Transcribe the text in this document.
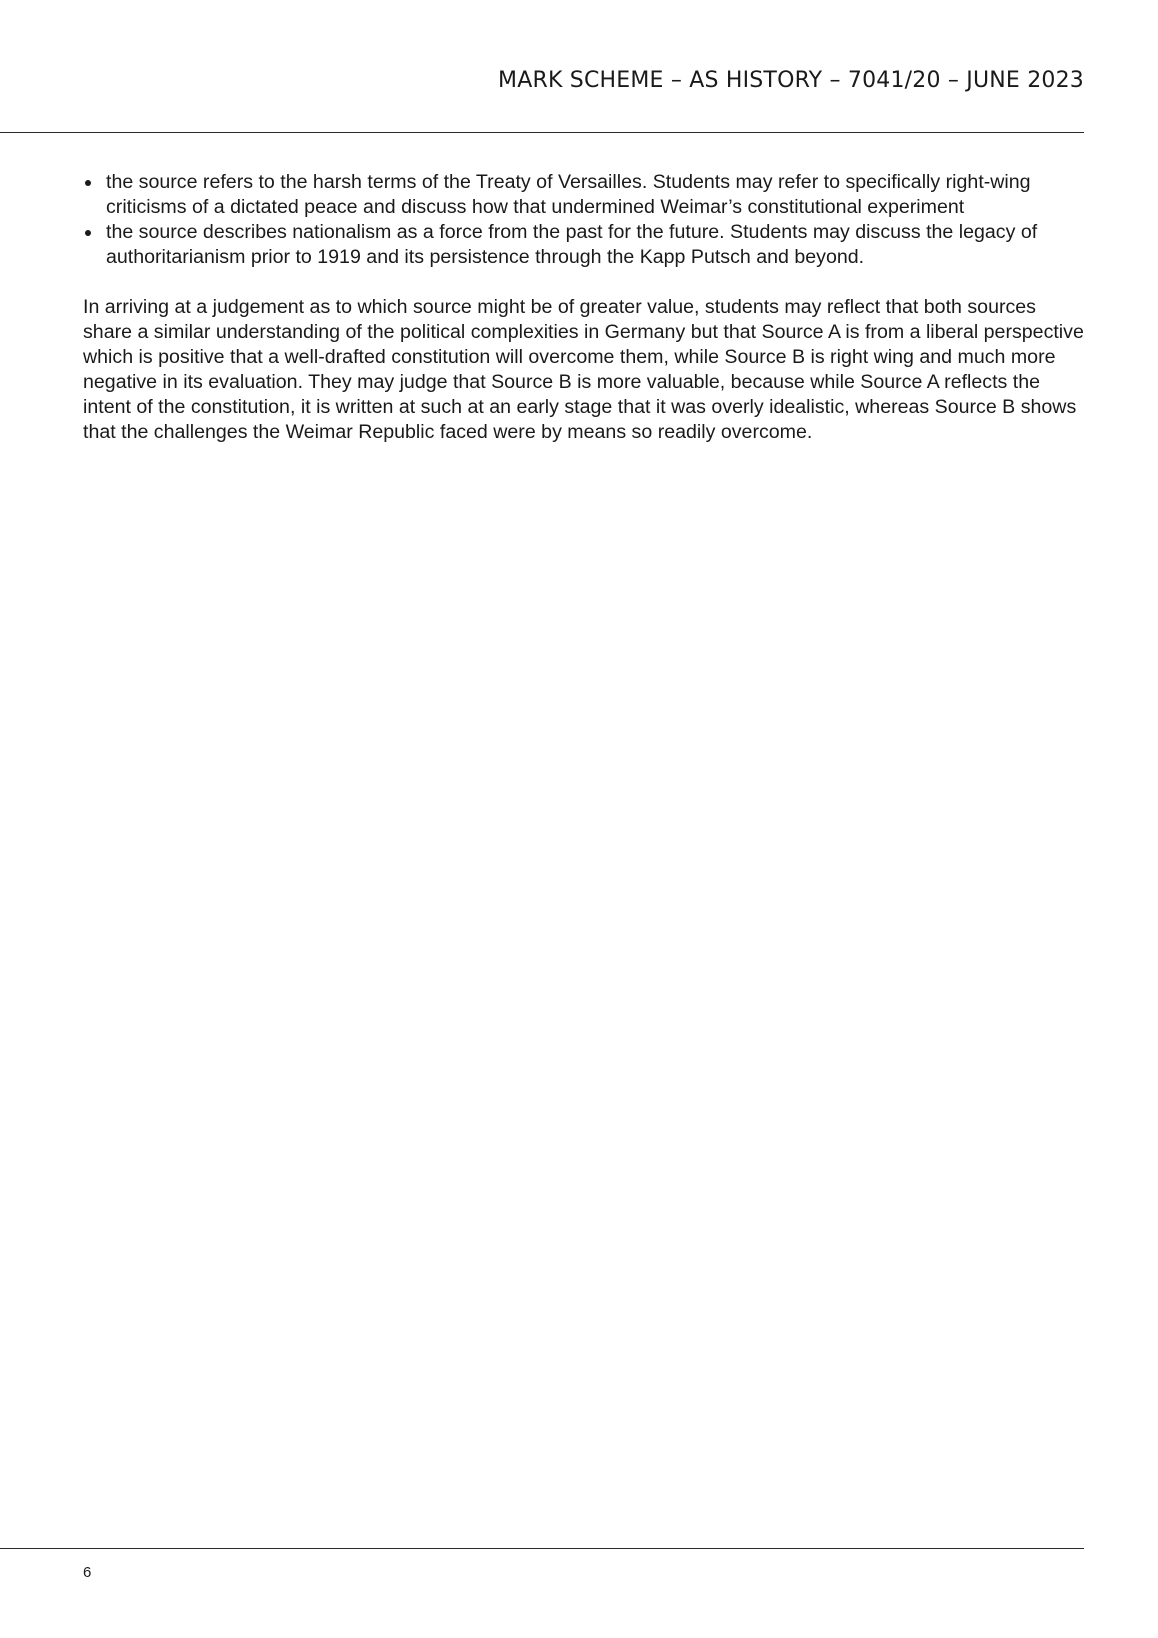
MARK SCHEME – AS HISTORY – 7041/20 – JUNE 2023
the source refers to the harsh terms of the Treaty of Versailles. Students may refer to specifically right-wing criticisms of a dictated peace and discuss how that undermined Weimar’s constitutional experiment
the source describes nationalism as a force from the past for the future. Students may discuss the legacy of authoritarianism prior to 1919 and its persistence through the Kapp Putsch and beyond.

In arriving at a judgement as to which source might be of greater value, students may reflect that both sources share a similar understanding of the political complexities in Germany but that Source A is from a liberal perspective which is positive that a well-drafted constitution will overcome them, while Source B is right wing and much more negative in its evaluation. They may judge that Source B is more valuable, because while Source A reflects the intent of the constitution, it is written at such at an early stage that it was overly idealistic, whereas Source B shows that the challenges the Weimar Republic faced were by means so readily overcome.

6
